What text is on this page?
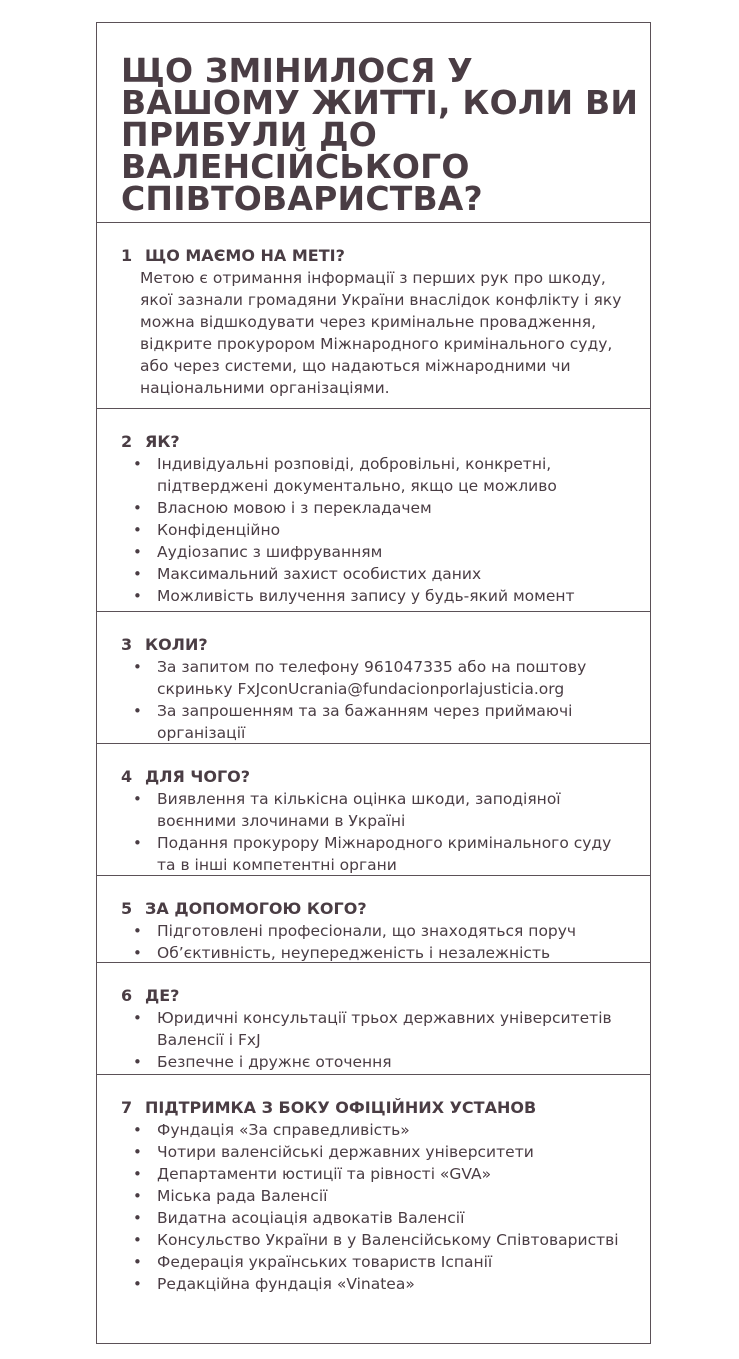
ЩО ЗМІНИЛОСЯ У ВАШОМУ ЖИТТІ, КОЛИ ВИ ПРИБУЛИ ДО ВАЛЕНСІЙСЬКОГО СПІВТОВАРИСТВА?
1 ЩО МАЄМО НА МЕТІ?

Метою є отримання інформації з перших рук про шкоду, якої зазнали громадяни України внаслідок конфлікту і яку можна відшкодувати через кримінальне провадження, відкрите прокурором Міжнародного кримінального суду, або через системи, що надаються міжнародними чи національними організаціями.

2 ЯК?
• Індивідуальні розповіді, добровільні, конкретні, підтверджені документально, якщо це можливо
• Власною мовою і з перекладачем
• Конфіденційно
• Аудіозапис з шифруванням
• Максимальний захист особистих даних
• Можливість вилучення запису у будь-який момент
3 КОЛИ?
• За запитом по телефону 961047335 або на поштову скриньку FxJconUcrania@fundacionporlajusticia.org
• За запрошенням та за бажанням через приймаючі організації
4 ДЛЯ ЧОГО?
• Виявлення та кількісна оцінка шкоди, заподіяної воєнними злочинами в Україні
• Подання прокурору Міжнародного кримінального суду та в інші компетентні органи
5 ЗА ДОПОМОГОЮ КОГО?
• Підготовлені професіонали, що знаходяться поруч
• Об’єктивність, неупередженість і незалежність
6 ДЕ?
• Юридичні консультації трьох державних університетів Валенсії і FxJ
• Безпечне і дружнє оточення
7 ПІДТРИМКА З БОКУ ОФІЦІЙНИХ УСТАНОВ
• Фундація «За справедливість»
• Чотири валенсійські державних університети
• Департаменти юстиції та рівності «GVA»
• Міська рада Валенсії
• Видатна асоціація адвокатів Валенсії
• Консульство України в у Валенсійському Співтоваристві
• Федерація українських товариств Іспанії
• Редакційна фундація «Vinatea»
